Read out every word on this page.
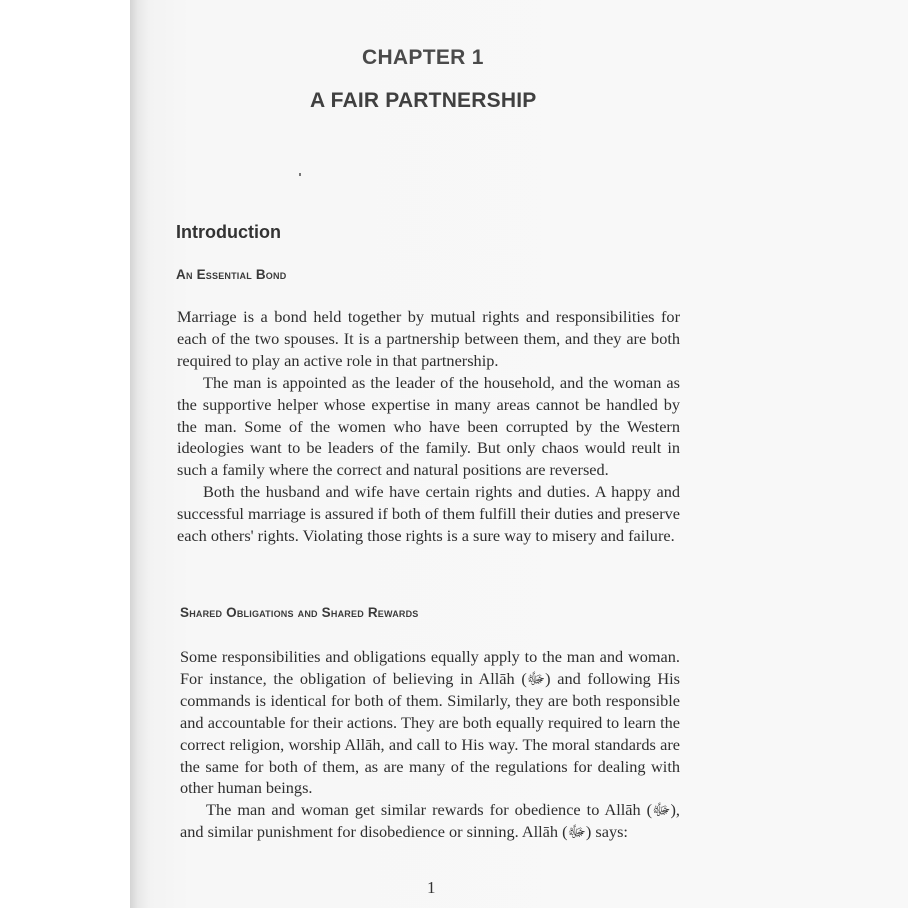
CHAPTER 1
A FAIR PARTNERSHIP
Introduction
An Essential Bond

Marriage is a bond held together by mutual rights and responsibilities for each of the two spouses. It is a partnership between them, and they are both required to play an active role in that partnership.

The man is appointed as the leader of the household, and the woman as the supportive helper whose expertise in many areas cannot be handled by the man. Some of the women who have been corrupted by the Western ideologies want to be leaders of the family. But only chaos would reult in such a family where the correct and natural positions are reversed.

Both the husband and wife have certain rights and duties. A happy and successful marriage is assured if both of them fulfill their duties and preserve each others' rights. Violating those rights is a sure way to misery and failure.

Shared Obligations and Shared Rewards

Some responsibilities and obligations equally apply to the man and woman. For instance, the obligation of believing in Allāh (ﷻ) and following His commands is identical for both of them. Similarly, they are both responsible and accountable for their actions. They are both equally required to learn the correct religion, worship Allāh, and call to His way. The moral standards are the same for both of them, as are many of the regulations for dealing with other human beings.

The man and woman get similar rewards for obedience to Allāh (ﷻ), and similar punishment for disobedience or sinning. Allāh (ﷻ) says:

1
